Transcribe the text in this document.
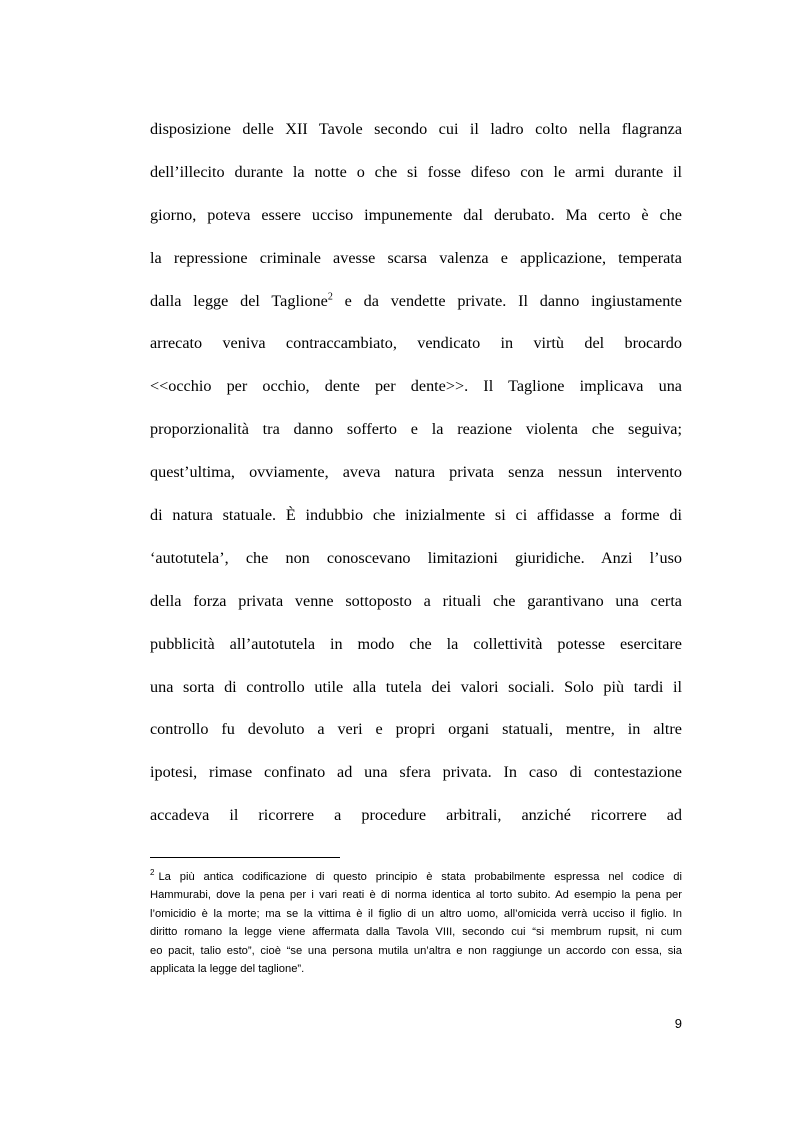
disposizione delle XII Tavole secondo cui il ladro colto nella flagranza
dell’illecito durante la notte o che si fosse difeso con le armi durante il
giorno, poteva essere ucciso impunemente dal derubato. Ma certo è che
la repressione criminale avesse scarsa valenza e applicazione, temperata
dalla legge del Taglione$^2$ e da vendette private. Il danno ingiustamente
arrecato veniva contraccambiato, vendicato in virtù del brocardo
<<occhio per occhio, dente per dente>>. Il Taglione implicava una
proporzionalità tra danno sofferto e la reazione violenta che seguiva;
quest’ultima, ovviamente, aveva natura privata senza nessun intervento
di natura statuale. È indubbio che inizialmente si ci affidasse a forme di
‘autotutela’, che non conoscevano limitazioni giuridiche. Anzi l’uso
della forza privata venne sottoposto a rituali che garantivano una certa
pubblicità all’autotutela in modo che la collettività potesse esercitare
una sorta di controllo utile alla tutela dei valori sociali. Solo più tardi il
controllo fu devoluto a veri e propri organi statuali, mentre, in altre
ipotesi, rimase confinato ad una sfera privata. In caso di contestazione
accadeva il ricorrere a procedure arbitrali, anziché ricorrere ad
$^2$ La più antica codificazione di questo principio è stata probabilmente espressa nel codice di
Hammurabi, dove la pena per i vari reati è di norma identica al torto subito. Ad esempio la pena per
l’omicidio è la morte; ma se la vittima è il figlio di un altro uomo, all’omicida verrà ucciso il figlio. In
diritto romano la legge viene affermata dalla Tavola VIII, secondo cui “si membrum rupsit, ni cum
eo pacit, talio esto”, cioè “se una persona mutila un’altra e non raggiunge un accordo con essa, sia
applicata la legge del taglione”.
9
